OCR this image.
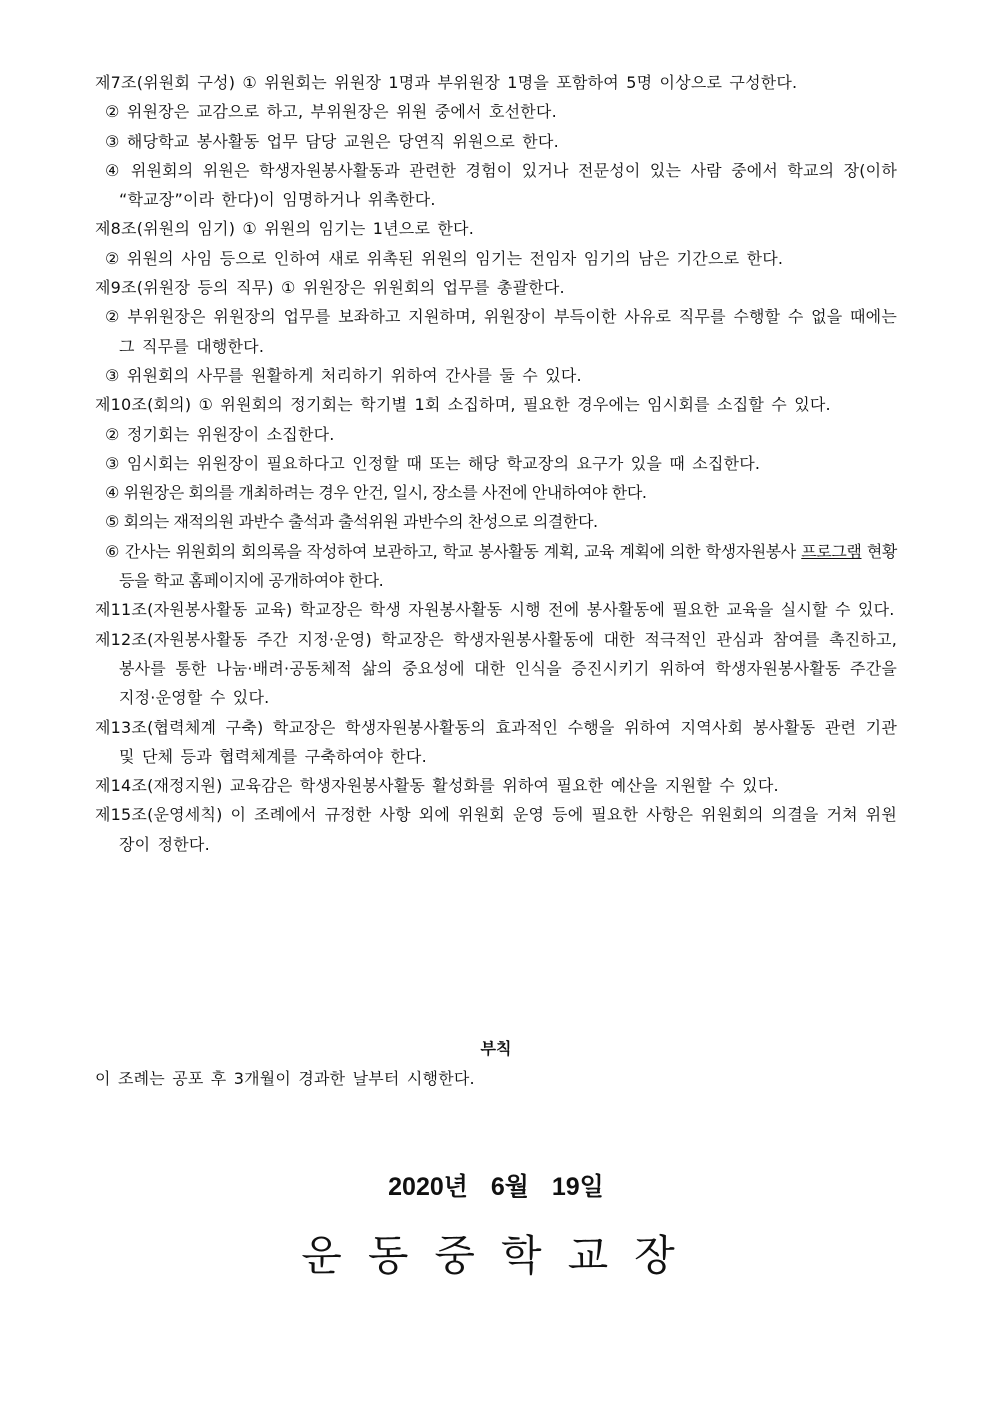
제7조(위원회 구성) ① 위원회는 위원장 1명과 부위원장 1명을 포함하여 5명 이상으로 구성한다.
② 위원장은 교감으로 하고, 부위원장은 위원 중에서 호선한다.
③ 해당학교 봉사활동 업무 담당 교원은 당연직 위원으로 한다.
④ 위원회의 위원은 학생자원봉사활동과 관련한 경험이 있거나 전문성이 있는 사람 중에서 학교의 장(이하 “학교장”이라 한다)이 임명하거나 위촉한다.
제8조(위원의 임기) ① 위원의 임기는 1년으로 한다.
② 위원의 사임 등으로 인하여 새로 위촉된 위원의 임기는 전임자 임기의 남은 기간으로 한다.
제9조(위원장 등의 직무) ① 위원장은 위원회의 업무를 총괄한다.
② 부위원장은 위원장의 업무를 보좌하고 지원하며, 위원장이 부득이한 사유로 직무를 수행할 수 없을 때에는 그 직무를 대행한다.
③ 위원회의 사무를 원활하게 처리하기 위하여 간사를 둘 수 있다.
제10조(회의) ① 위원회의 정기회는 학기별 1회 소집하며, 필요한 경우에는 임시회를 소집할 수 있다.
② 정기회는 위원장이 소집한다.
③ 임시회는 위원장이 필요하다고 인정할 때 또는 해당 학교장의 요구가 있을 때 소집한다.
④ 위원장은 회의를 개최하려는 경우 안건, 일시, 장소를 사전에 안내하여야 한다.
⑤ 회의는 재적의원 과반수 출석과 출석위원 과반수의 찬성으로 의결한다.
⑥ 간사는 위원회의 회의록을 작성하여 보관하고, 학교 봉사활동 계획, 교육 계획에 의한 학생자원봉사 프로그램 현황 등을 학교 홈페이지에 공개하여야 한다.
제11조(자원봉사활동 교육) 학교장은 학생 자원봉사활동 시행 전에 봉사활동에 필요한 교육을 실시할 수 있다.
제12조(자원봉사활동 주간 지정·운영) 학교장은 학생자원봉사활동에 대한 적극적인 관심과 참여를 촉진하고, 봉사를 통한 나눔·배려·공동체적 삶의 중요성에 대한 인식을 증진시키기 위하여 학생자원봉사활동 주간을 지정·운영할 수 있다.
제13조(협력체계 구축) 학교장은 학생자원봉사활동의 효과적인 수행을 위하여 지역사회 봉사활동 관련 기관 및 단체 등과 협력체계를 구축하여야 한다.
제14조(재정지원) 교육감은 학생자원봉사활동 활성화를 위하여 필요한 예산을 지원할 수 있다.
제15조(운영세칙) 이 조례에서 규정한 사항 외에 위원회 운영 등에 필요한 사항은 위원회의 의결을 거쳐 위원장이 정한다.
부칙
이 조례는 공포 후 3개월이 경과한 날부터 시행한다.
2020년 6월 19일
운동중학교장
